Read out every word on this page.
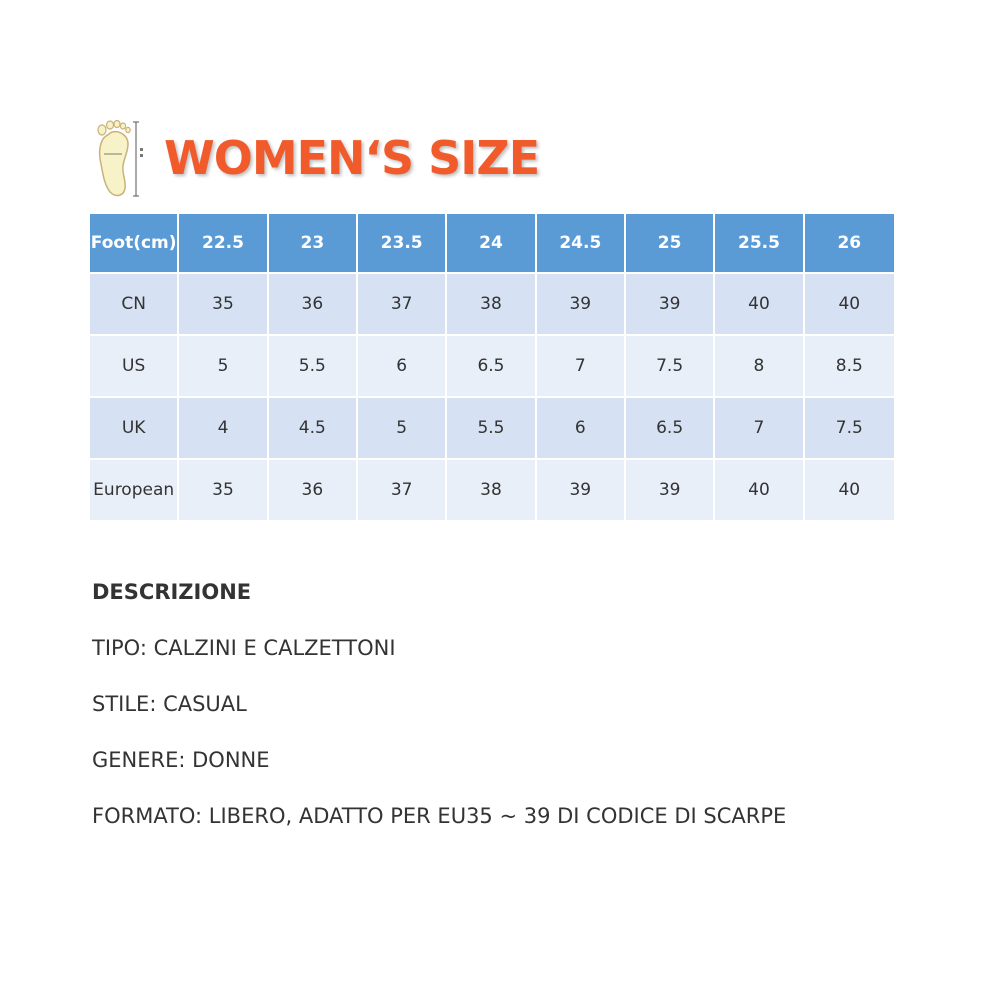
WOMEN‘S SIZE
Foot(cm)	22.5	23	23.5	24	24.5	25	25.5	26
CN	35	36	37	38	39	39	40	40
US	5	5.5	6	6.5	7	7.5	8	8.5
UK	4	4.5	5	5.5	6	6.5	7	7.5
European	35	36	37	38	39	39	40	40
DESCRIZIONE
TIPO: CALZINI E CALZETTONI
STILE: CASUAL
GENERE: DONNE
FORMATO: LIBERO, ADATTO PER EU35 ~ 39 DI CODICE DI SCARPE
